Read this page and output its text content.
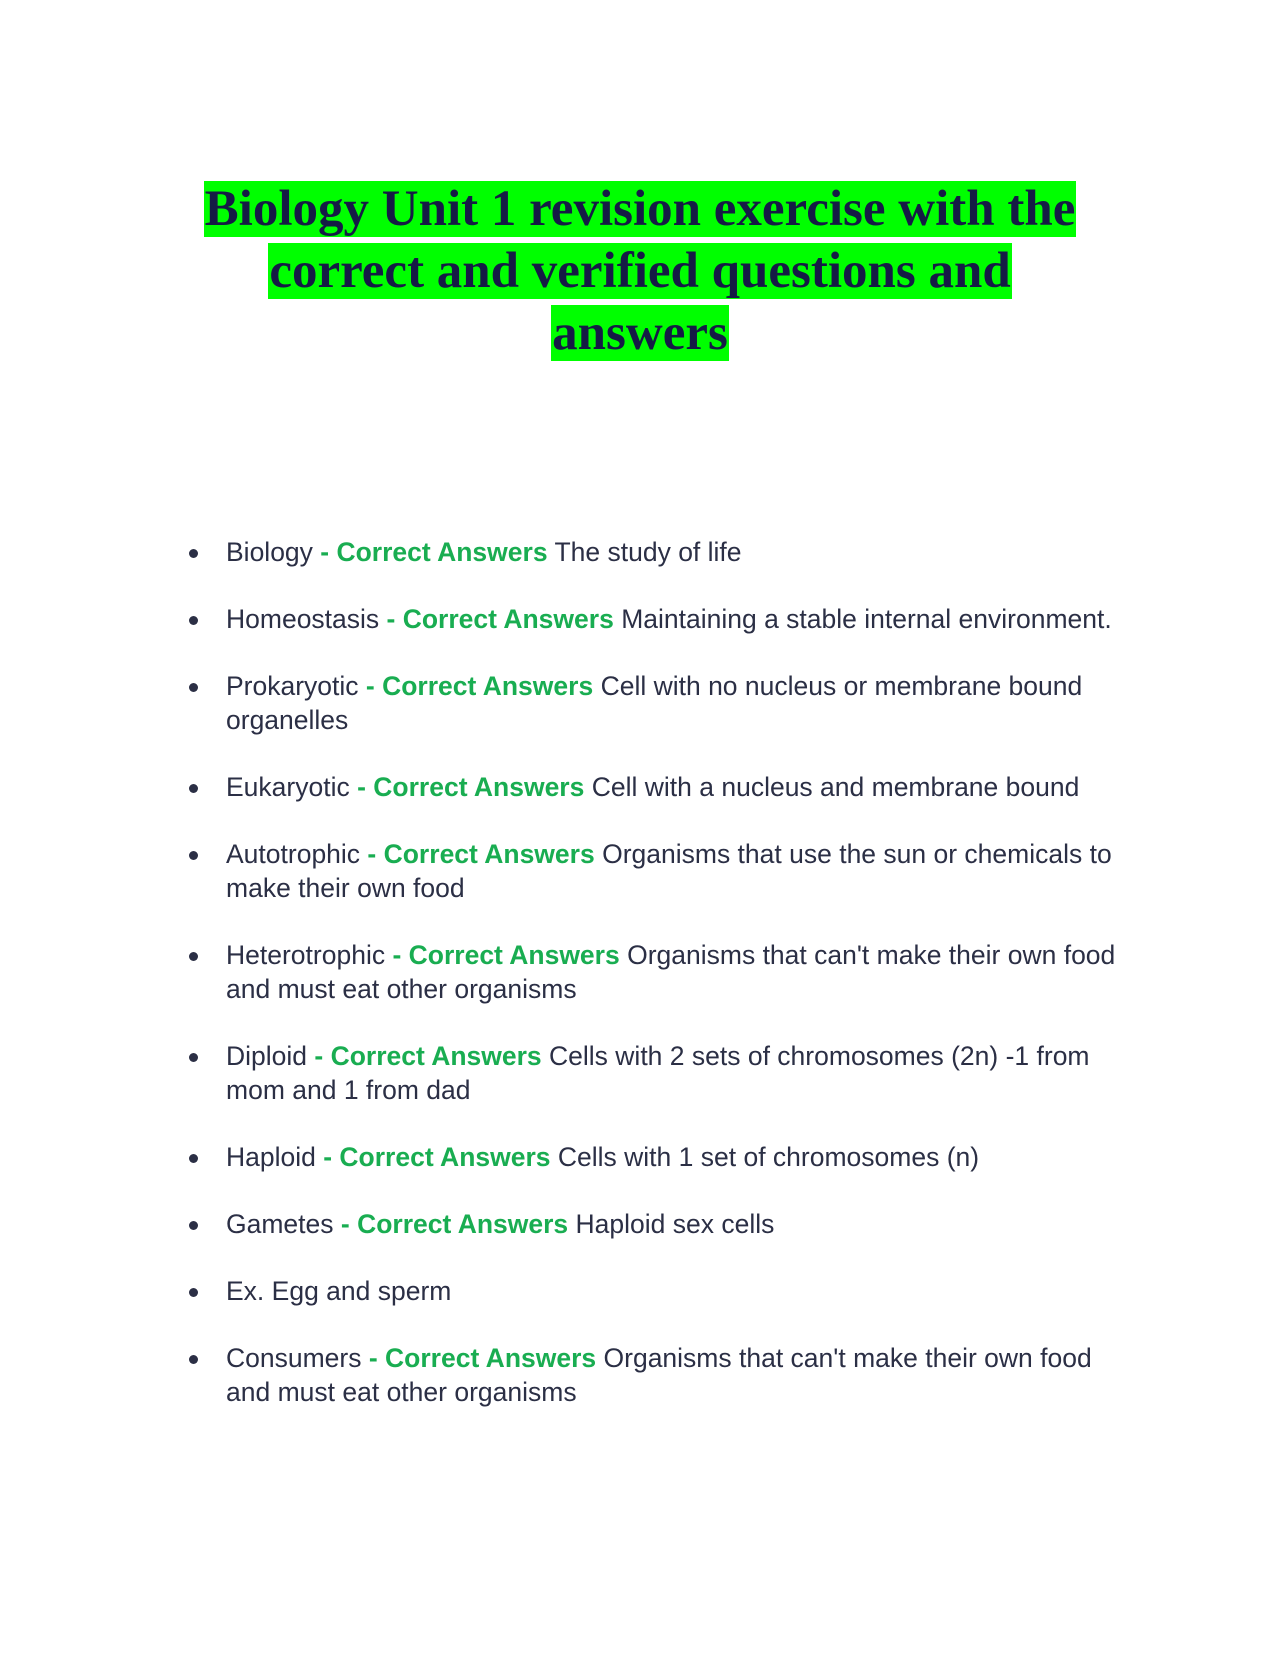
Biology Unit 1 revision exercise with the
correct and verified questions and
answers
Biology - Correct Answers The study of life
Homeostasis - Correct Answers Maintaining a stable internal environment.
Prokaryotic - Correct Answers Cell with no nucleus or membrane bound organelles
Eukaryotic - Correct Answers Cell with a nucleus and membrane bound
Autotrophic - Correct Answers Organisms that use the sun or chemicals to make their own food
Heterotrophic - Correct Answers Organisms that can't make their own food and must eat other organisms
Diploid - Correct Answers Cells with 2 sets of chromosomes (2n) -1 from mom and 1 from dad
Haploid - Correct Answers Cells with 1 set of chromosomes (n)
Gametes - Correct Answers Haploid sex cells
Ex. Egg and sperm
Consumers - Correct Answers Organisms that can't make their own food and must eat other organisms
